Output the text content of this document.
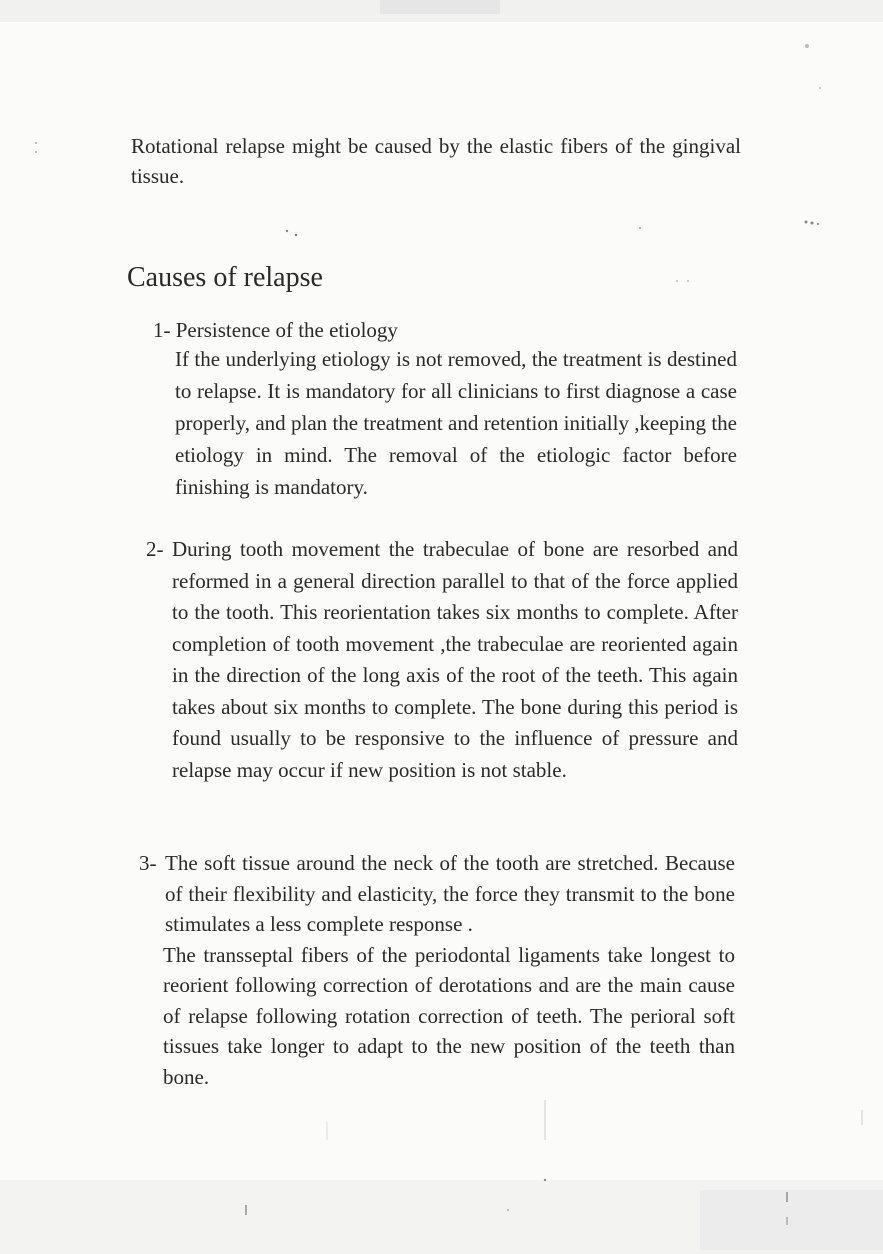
Rotational relapse might be caused by the elastic fibers of the gingival tissue.

Causes of relapse

1- Persistence of the etiology

If the underlying etiology is not removed, the treatment is destined to relapse. It is mandatory for all clinicians to first diagnose a case properly, and plan the treatment and retention initially ,keeping the etiology in mind. The removal of the etiologic factor before finishing is mandatory.

2- During tooth movement the trabeculae of bone are resorbed and reformed in a general direction parallel to that of the force applied to the tooth. This reorientation takes six months to complete. After completion of tooth movement ,the trabeculae are reoriented again in the direction of the long axis of the root of the teeth. This again takes about six months to complete. The bone during this period is found usually to be responsive to the influence of pressure and relapse may occur if new position is not stable.
3- The soft tissue around the neck of the tooth are stretched. Because of their flexibility and elasticity, the force they transmit to the bone stimulates a less complete response .
The transseptal fibers of the periodontal ligaments take longest to reorient following correction of derotations and are the main cause of relapse following rotation correction of teeth. The perioral soft tissues take longer to adapt to the new position of the teeth than bone.
